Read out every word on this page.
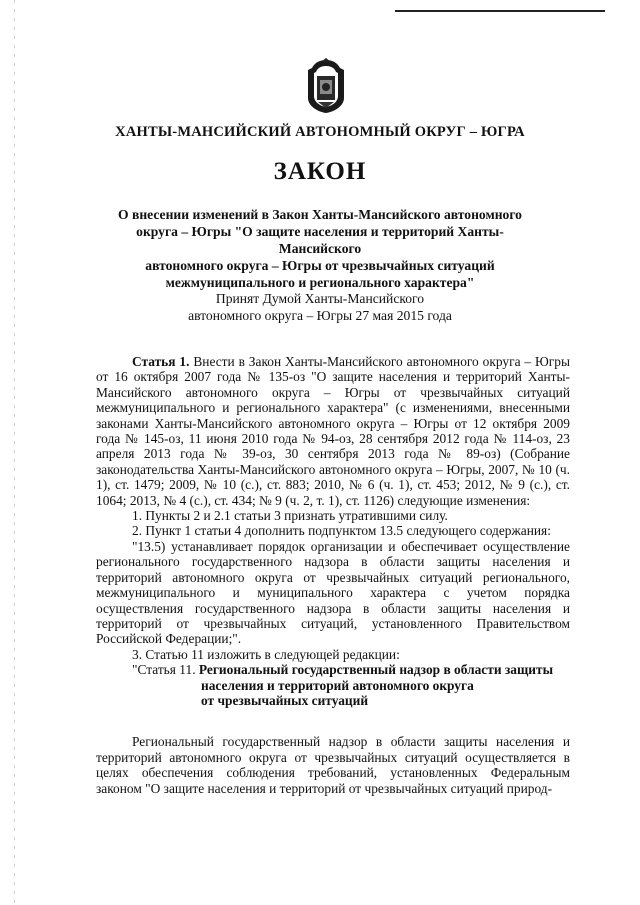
ХАНТЫ-МАНСИЙСКИЙ АВТОНОМНЫЙ ОКРУГ – ЮГРА
ЗАКОН
О внесении изменений в Закон Ханты-Мансийского автономного
округа – Югры "О защите населения и территорий Ханты-Мансийского
автономного округа – Югры от чрезвычайных ситуаций
межмуниципального и регионального характера"
Принят Думой Ханты-Мансийского
автономного округа – Югры 27 мая 2015 года

Статья 1. Внести в Закон Ханты-Мансийского автономного округа – Югры от 16 октября 2007 года № 135-оз "О защите населения и территорий Ханты-Мансийского автономного округа – Югры от чрезвычайных ситуаций межмуниципального и регионального характера" (с изменениями, внесенными законами Ханты-Мансийского автономного округа – Югры от 12 октября 2009 года № 145-оз, 11 июня 2010 года № 94-оз, 28 сентября 2012 года № 114-оз, 23 апреля 2013 года № 39-оз, 30 сентября 2013 года № 89-оз) (Собрание законодательства Ханты-Мансийского автономного округа – Югры, 2007, № 10 (ч. 1), ст. 1479; 2009, № 10 (с.), ст. 883; 2010, № 6 (ч. 1), ст. 453; 2012, № 9 (с.), ст. 1064; 2013, № 4 (с.), ст. 434; № 9 (ч. 2, т. 1), ст. 1126) следующие изменения:

1. Пункты 2 и 2.1 статьи 3 признать утратившими силу.

2. Пункт 1 статьи 4 дополнить подпунктом 13.5 следующего содержания:

"13.5) устанавливает порядок организации и обеспечивает осуществление регионального государственного надзора в области защиты населения и территорий автономного округа от чрезвычайных ситуаций регионального, межмуниципального и муниципального характера с учетом порядка осуществления государственного надзора в области защиты населения и территорий от чрезвычайных ситуаций, установленного Правительством Российской Федерации;".

3. Статью 11 изложить в следующей редакции:

"Статья 11. Региональный государственный надзор в области защиты

населения и территорий автономного округа

от чрезвычайных ситуаций

Региональный государственный надзор в области защиты населения и территорий автономного округа от чрезвычайных ситуаций осуществляется в целях обеспечения соблюдения требований, установленных Федеральным законом "О защите населения и территорий от чрезвычайных ситуаций природ-
